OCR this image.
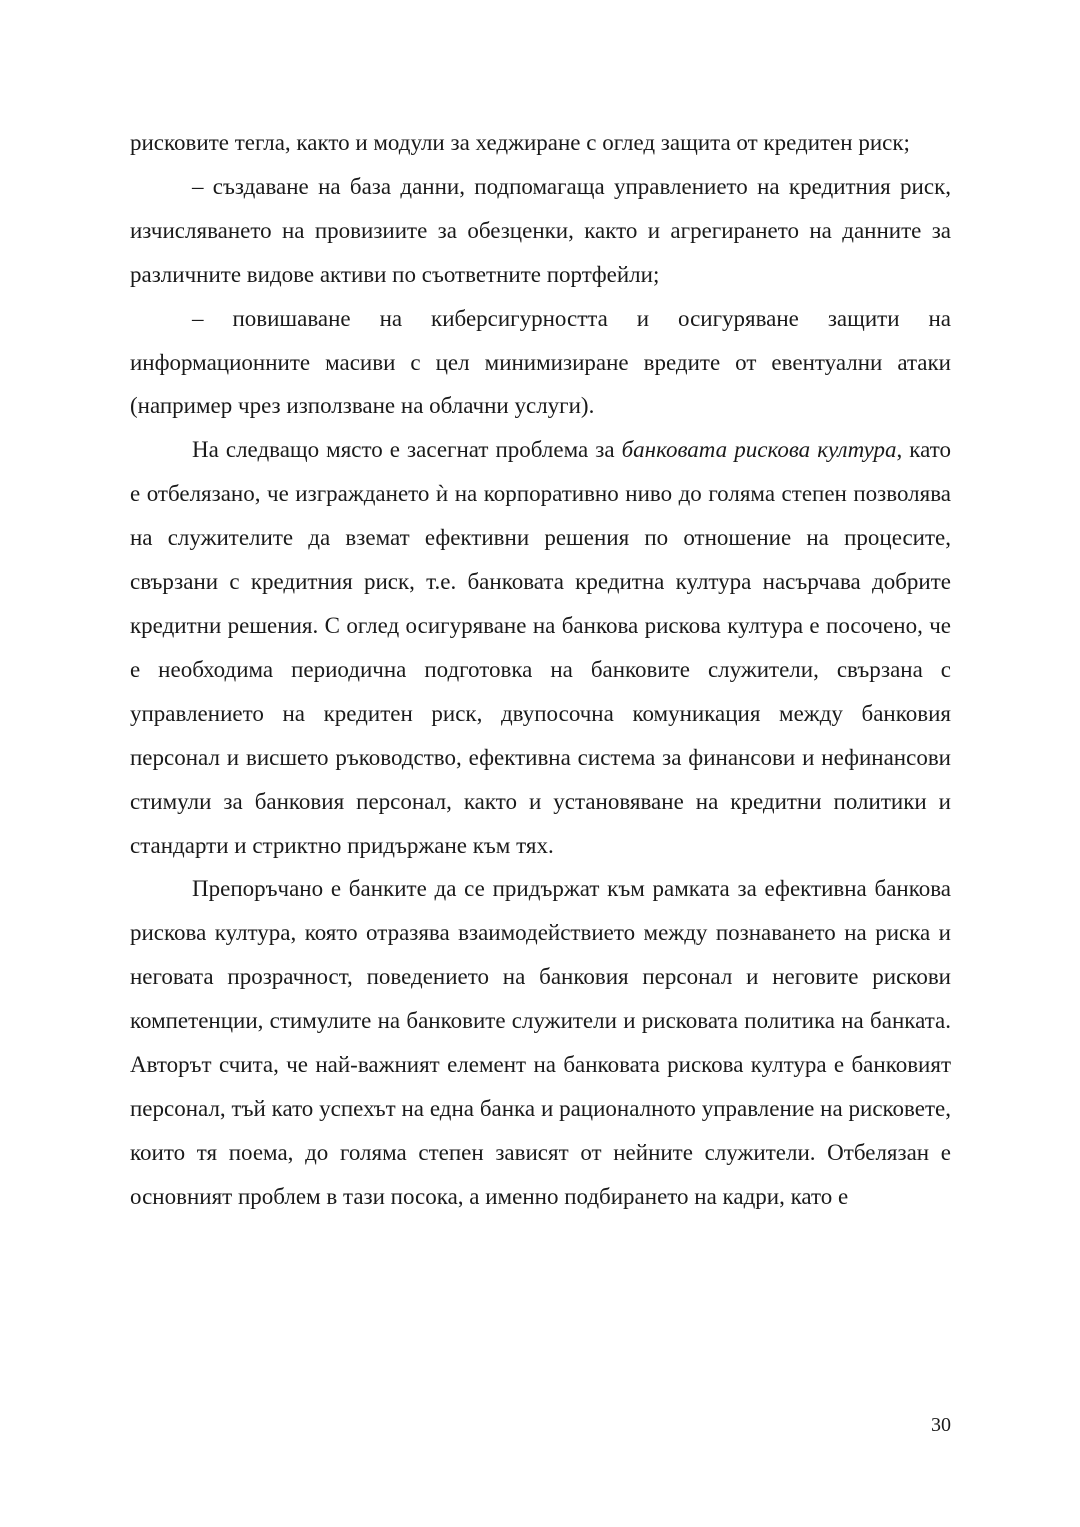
рисковите тегла, както и модули за хеджиране с оглед защита от кредитен риск;

– създаване на база данни, подпомагаща управлението на кредитния риск, изчисляването на провизиите за обезценки, както и агрегирането на данните за различните видове активи по съответните портфейли;

– повишаване на киберсигурността и осигуряване защити на информационните масиви с цел минимизиране вредите от евентуални атаки (например чрез използване на облачни услуги).

На следващо място е засегнат проблема за банковата рискова култура, като е отбелязано, че изграждането ѝ на корпоративно ниво до голяма степен позволява на служителите да вземат ефективни решения по отношение на процесите, свързани с кредитния риск, т.е. банковата кредитна култура насърчава добрите кредитни решения. С оглед осигуряване на банкова рискова култура е посочено, че е необходима периодична подготовка на банковите служители, свързана с управлението на кредитен риск, двупосочна комуникация между банковия персонал и висшето ръководство, ефективна система за финансови и нефинансови стимули за банковия персонал, както и установяване на кредитни политики и стандарти и стриктно придържане към тях.

Препоръчано е банките да се придържат към рамката за ефективна банкова рискова култура, която отразява взаимодействието между познаването на риска и неговата прозрачност, поведението на банковия персонал и неговите рискови компетенции, стимулите на банковите служители и рисковата политика на банката. Авторът счита, че най-важният елемент на банковата рискова култура е банковият персонал, тъй като успехът на една банка и рационалното управление на рисковете, които тя поема, до голяма степен зависят от нейните служители. Отбелязан е основният проблем в тази посока, а именно подбирането на кадри, като е

30
